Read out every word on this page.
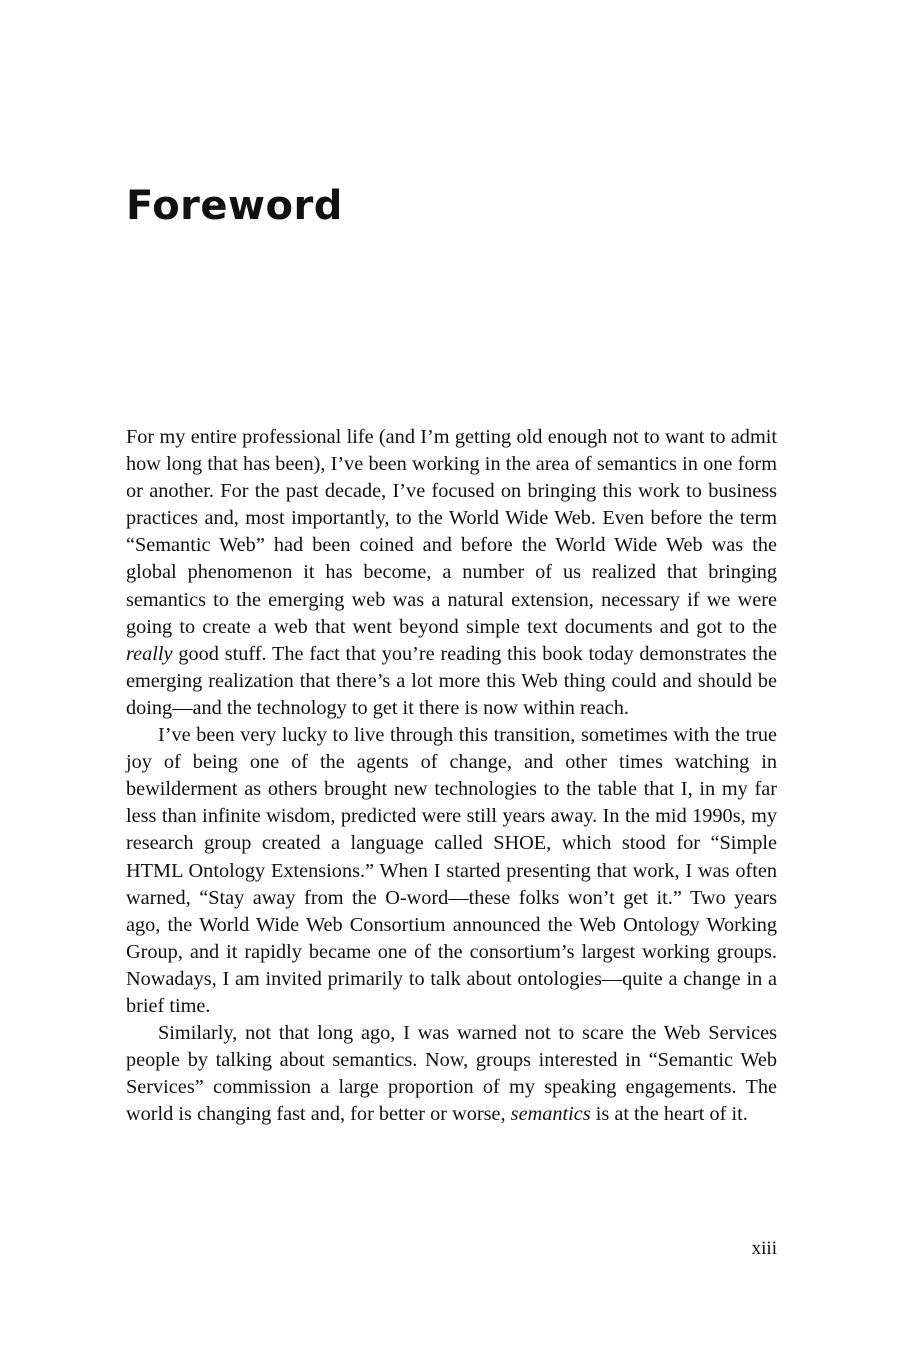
Foreword

For my entire professional life (and I’m getting old enough not to want to admit how long that has been), I’ve been working in the area of semantics in one form or another. For the past decade, I’ve focused on bringing this work to business practices and, most importantly, to the World Wide Web. Even before the term “Semantic Web” had been coined and before the World Wide Web was the global phenomenon it has become, a number of us realized that bringing semantics to the emerging web was a natural extension, necessary if we were going to create a web that went beyond simple text documents and got to the really good stuff. The fact that you’re reading this book today demonstrates the emerging realization that there’s a lot more this Web thing could and should be doing—and the technology to get it there is now within reach.

I’ve been very lucky to live through this transition, sometimes with the true joy of being one of the agents of change, and other times watching in bewilderment as others brought new technologies to the table that I, in my far less than infinite wisdom, predicted were still years away. In the mid 1990s, my research group created a language called SHOE, which stood for “Simple HTML Ontology Extensions.” When I started presenting that work, I was often warned, “Stay away from the O-word—these folks won’t get it.” Two years ago, the World Wide Web Consortium announced the Web Ontology Working Group, and it rapidly became one of the consortium’s largest working groups. Nowadays, I am invited primarily to talk about ontologies—quite a change in a brief time.

Similarly, not that long ago, I was warned not to scare the Web Services people by talking about semantics. Now, groups interested in “Semantic Web Services” commission a large proportion of my speaking engagements. The world is changing fast and, for better or worse, semantics is at the heart of it.

xiii
